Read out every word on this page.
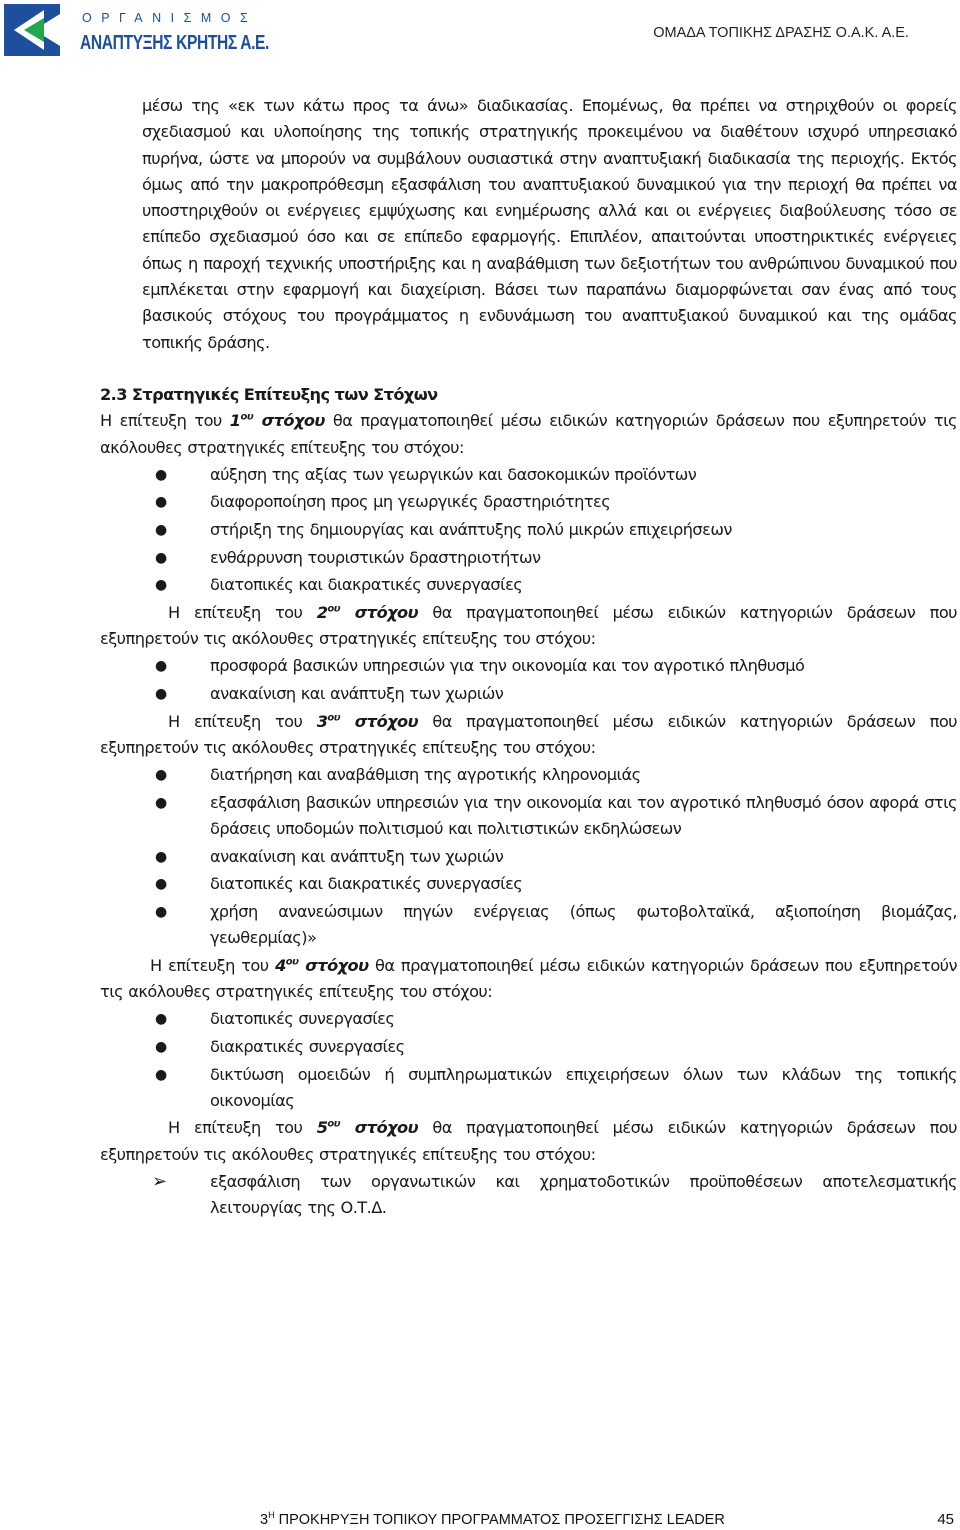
ΟΡΓΑΝΙΣΜΟΣ
ΑΝΑΠΤΥΞΗΣ ΚΡΗΤΗΣ Α.Ε.	ΟΜΑΔΑ ΤΟΠΙΚΗΣ ΔΡΑΣΗΣ Ο.Α.Κ. Α.Ε.

μέσω της «εκ των κάτω προς τα άνω» διαδικασίας. Επομένως, θα πρέπει να στηριχθούν οι φορείς σχεδιασμού και υλοποίησης της τοπικής στρατηγικής προκειμένου να διαθέτουν ισχυρό υπηρεσιακό πυρήνα, ώστε να μπορούν να συμβάλουν ουσιαστικά στην αναπτυξιακή διαδικασία της περιοχής. Εκτός όμως από την μακροπρόθεσμη εξασφάλιση του αναπτυξιακού δυναμικού για την περιοχή θα πρέπει να υποστηριχθούν οι ενέργειες εμψύχωσης και ενημέρωσης αλλά και οι ενέργειες διαβούλευσης τόσο σε επίπεδο σχεδιασμού όσο και σε επίπεδο εφαρμογής. Επιπλέον, απαιτούνται υποστηρικτικές ενέργειες όπως η παροχή τεχνικής υποστήριξης και η αναβάθμιση των δεξιοτήτων του ανθρώπινου δυναμικού που εμπλέκεται στην εφαρμογή και διαχείριση. Βάσει των παραπάνω διαμορφώνεται σαν ένας από τους βασικούς στόχους του προγράμματος η ενδυνάμωση του αναπτυξιακού δυναμικού και της ομάδας τοπικής δράσης.

2.3 Στρατηγικές Επίτευξης των Στόχων

Η επίτευξη του $1^{o\upsilon}$ στόχου θα πραγματοποιηθεί μέσω ειδικών κατηγοριών δράσεων που εξυπηρετούν τις ακόλουθες στρατηγικές επίτευξης του στόχου:

●	αύξηση της αξίας των γεωργικών και δασοκομικών προϊόντων
●	διαφοροποίηση προς μη γεωργικές δραστηριότητες
●	στήριξη της δημιουργίας και ανάπτυξης πολύ μικρών επιχειρήσεων
●	ενθάρρυνση τουριστικών δραστηριοτήτων
●	διατοπικές και διακρατικές συνεργασίες

Η επίτευξη του $2^{o\upsilon}$ στόχου θα πραγματοποιηθεί μέσω ειδικών κατηγοριών δράσεων που εξυπηρετούν τις ακόλουθες στρατηγικές επίτευξης του στόχου:

●	προσφορά βασικών υπηρεσιών για την οικονομία και τον αγροτικό πληθυσμό
●	ανακαίνιση και ανάπτυξη των χωριών

Η επίτευξη του $3^{o\upsilon}$ στόχου θα πραγματοποιηθεί μέσω ειδικών κατηγοριών δράσεων που εξυπηρετούν τις ακόλουθες στρατηγικές επίτευξης του στόχου:

●	διατήρηση και αναβάθμιση της αγροτικής κληρονομιάς
●	εξασφάλιση βασικών υπηρεσιών για την οικονομία και τον αγροτικό πληθυσμό όσον αφορά στις δράσεις υποδομών πολιτισμού και πολιτιστικών εκδηλώσεων
●	ανακαίνιση και ανάπτυξη των χωριών
●	διατοπικές και διακρατικές συνεργασίες
●	χρήση ανανεώσιμων πηγών ενέργειας (όπως φωτοβολταϊκά, αξιοποίηση βιομάζας, γεωθερμίας)»

Η επίτευξη του $4^{o\upsilon}$ στόχου θα πραγματοποιηθεί μέσω ειδικών κατηγοριών δράσεων που εξυπηρετούν τις ακόλουθες στρατηγικές επίτευξης του στόχου:

●	διατοπικές συνεργασίες
●	διακρατικές συνεργασίες
●	δικτύωση ομοειδών ή συμπληρωματικών επιχειρήσεων όλων των κλάδων της τοπικής οικονομίας

Η επίτευξη του $5^{o\upsilon}$ στόχου θα πραγματοποιηθεί μέσω ειδικών κατηγοριών δράσεων που εξυπηρετούν τις ακόλουθες στρατηγικές επίτευξης του στόχου:

➢	εξασφάλιση των οργανωτικών και χρηματοδοτικών προϋποθέσεων αποτελεσματικής λειτουργίας της Ο.Τ.Δ.
$3^H$ ΠΡΟΚΗΡΥΞΗ ΤΟΠΙΚΟΥ ΠΡΟΓΡΑΜΜΑΤΟΣ ΠΡΟΣΕΓΓΙΣΗΣ LEADER	45
